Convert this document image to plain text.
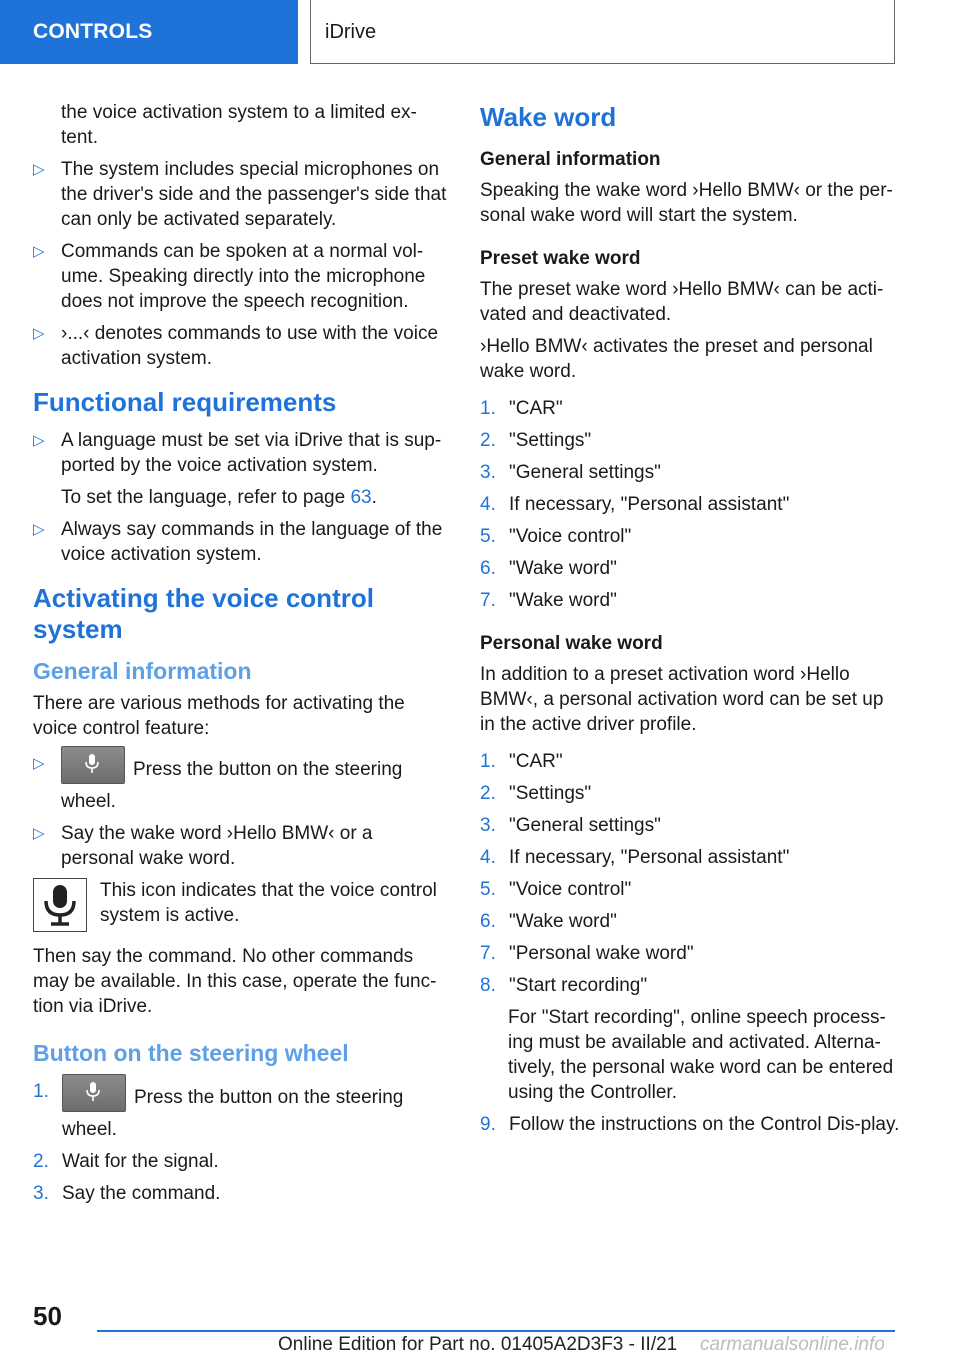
CONTROLS	iDrive

the voice activation system to a limited ex-tent.

▷ The system includes special microphones on the driver's side and the passenger's side that can only be activated separately.
▷ Commands can be spoken at a normal vol-ume. Speaking directly into the microphone does not improve the speech recognition.
▷ ›...‹ denotes commands to use with the voice activation system.
Functional requirements
▷ A language must be set via iDrive that is sup-ported by the voice activation system.

To set the language, refer to page 63.

▷ Always say commands in the language of the voice activation system.
Activating the voice control system
General information

There are various methods for activating the voice control feature:

▷	Press the button on the steering wheel.
▷ Say the wake word ›Hello BMW‹ or a personal wake word.
This icon indicates that the voice control system is active.

Then say the command. No other commands may be available. In this case, operate the func-tion via iDrive.

Button on the steering wheel
1.	Press the button on the steering wheel.
2. Wait for the signal.
3. Say the command.
Wake word
General information

Speaking the wake word ›Hello BMW‹ or the per-sonal wake word will start the system.

Preset wake word

The preset wake word ›Hello BMW‹ can be acti-vated and deactivated.

›Hello BMW‹ activates the preset and personal wake word.

1. "CAR"
2. "Settings"
3. "General settings"
4. If necessary, "Personal assistant"
5. "Voice control"
6. "Wake word"
7. "Wake word"
Personal wake word

In addition to a preset activation word ›Hello BMW‹, a personal activation word can be set up in the active driver profile.

1. "CAR"
2. "Settings"
3. "General settings"
4. If necessary, "Personal assistant"
5. "Voice control"
6. "Wake word"
7. "Personal wake word"
8. "Start recording"

For "Start recording", online speech process-ing must be available and activated. Alterna-tively, the personal wake word can be entered using the Controller.

9. Follow the instructions on the Control Dis-play.
50
Online Edition for Part no. 01405A2D3F3 - II/21 carmanualsonline.info
